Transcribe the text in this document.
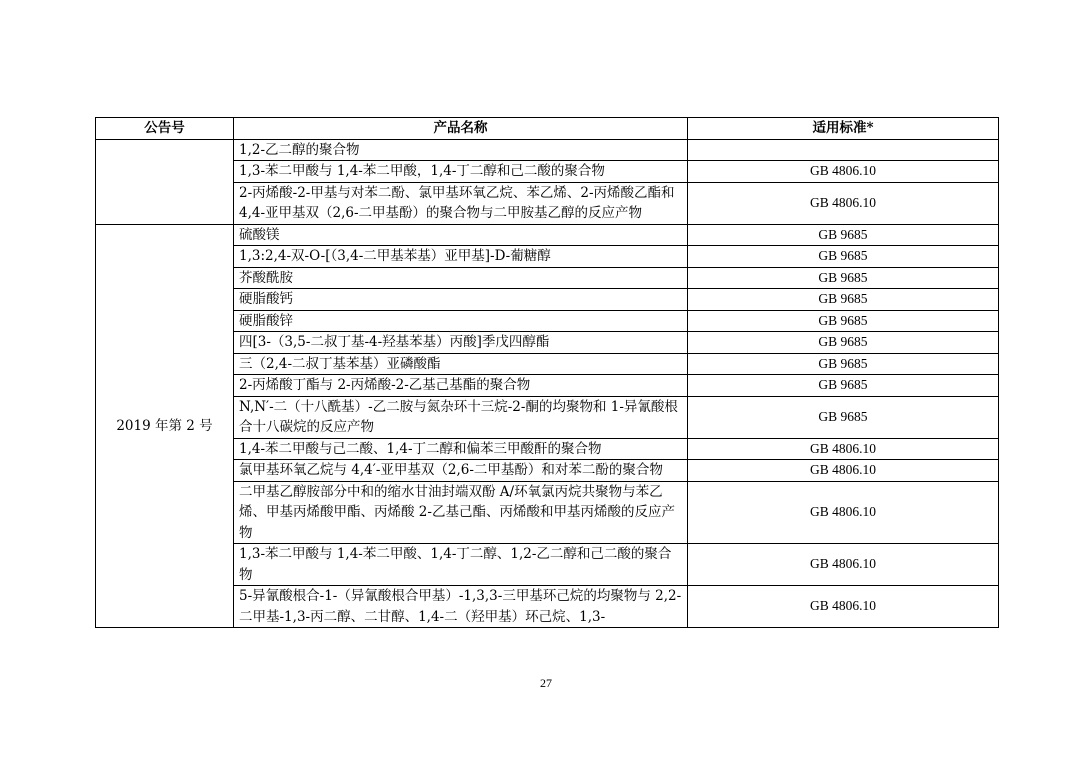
公告号	产品名称	适用标准*
	1,2-乙二醇的聚合物	
	1,3-苯二甲酸与 1,4-苯二甲酸，1,4-丁二醇和己二酸的聚合物	GB 4806.10
	2-丙烯酸-2-甲基与对苯二酚、氯甲基环氧乙烷、苯乙烯、2-丙烯酸乙酯和 4,4-亚甲基双（2,6-二甲基酚）的聚合物与二甲胺基乙醇的反应产物	GB 4806.10
2019 年第 2 号	硫酸镁	GB 9685
	1,3:2,4-双-O-[（3,4-二甲基苯基）亚甲基]-D-葡糖醇	GB 9685
	芥酸酰胺	GB 9685
	硬脂酸钙	GB 9685
	硬脂酸锌	GB 9685
	四[3-（3,5-二叔丁基-4-羟基苯基）丙酸]季戊四醇酯	GB 9685
	三（2,4-二叔丁基苯基）亚磷酸酯	GB 9685
	2-丙烯酸丁酯与 2-丙烯酸-2-乙基己基酯的聚合物	GB 9685
	N,N′-二（十八酰基）-乙二胺与氮杂环十三烷-2-酮的均聚物和 1-异氰酸根合十八碳烷的反应产物	GB 9685
	1,4-苯二甲酸与己二酸、1,4-丁二醇和偏苯三甲酸酐的聚合物	GB 4806.10
	氯甲基环氧乙烷与 4,4′-亚甲基双（2,6-二甲基酚）和对苯二酚的聚合物	GB 4806.10
	二甲基乙醇胺部分中和的缩水甘油封端双酚 A/环氧氯丙烷共聚物与苯乙烯、甲基丙烯酸甲酯、丙烯酸 2-乙基己酯、丙烯酸和甲基丙烯酸的反应产物	GB 4806.10
	1,3-苯二甲酸与 1,4-苯二甲酸、1,4-丁二醇、1,2-乙二醇和己二酸的聚合物	GB 4806.10
	5-异氰酸根合-1-（异氰酸根合甲基）-1,3,3-三甲基环己烷的均聚物与 2,2-二甲基-1,3-丙二醇、二甘醇、1,4-二（羟甲基）环己烷、1,3-	GB 4806.10
27
